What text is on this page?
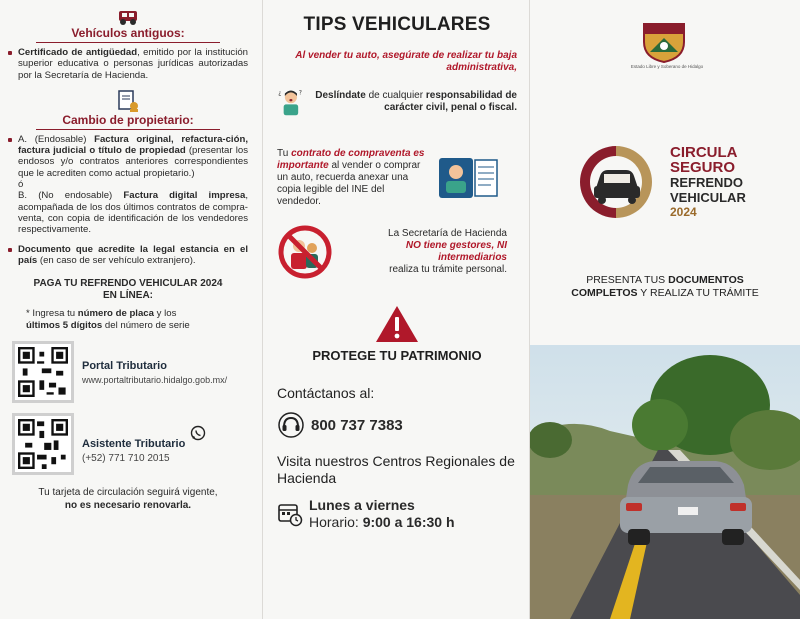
Vehículos antiguos:
Certificado de antigüedad, emitido por la institución superior educativa o personas jurídicas autorizadas por la Secretaría de Hacienda.
Cambio de propietario:
A. (Endosable) Factura original, refactura-ción, factura judicial o título de propiedad (presentar los endosos y/o contratos anteriores correspondientes que le acrediten como actual propietario.)
ó
B. (No endosable) Factura digital impresa, acompañada de los dos últimos contratos de compra-venta, con copia de identificación de los vendedores respectivamente.
Documento que acredite la legal estancia en el país (en caso de ser vehículo extranjero).
PAGA TU REFRENDO VEHICULAR 2024
EN LÍNEA:
* Ingresa tu número de placa y los
últimos 5 dígitos del número de serie
Portal Tributario
www.portaltributario.hidalgo.gob.mx/
Asistente Tributario
(+52) 771 710 2015
Tu tarjeta de circulación seguirá vigente,
no es necesario renovarla.
TIPS VEHICULARES
Al vender tu auto, asegúrate de realizar tu baja administrativa,
¿ ? Deslíndate de cualquier responsabilidad de carácter civil, penal o fiscal.
Tu contrato de compraventa es importante al vender o comprar un auto, recuerda anexar una copia legible del INE del vendedor.
La Secretaría de Hacienda
NO tiene gestores, NI intermediarios
realiza tu trámite personal.
PROTEGE TU PATRIMONIO
Contáctanos al:
800 737 7383
Visita nuestros Centros Regionales de Hacienda
Lunes a viernes
Horario: 9:00 a 16:30 h
Estado Libre y Soberano de Hidalgo
CIRCULA
SEGURO
REFRENDO
VEHICULAR
2024
PRESENTA TUS DOCUMENTOS
COMPLETOS Y REALIZA TU TRÁMITE
